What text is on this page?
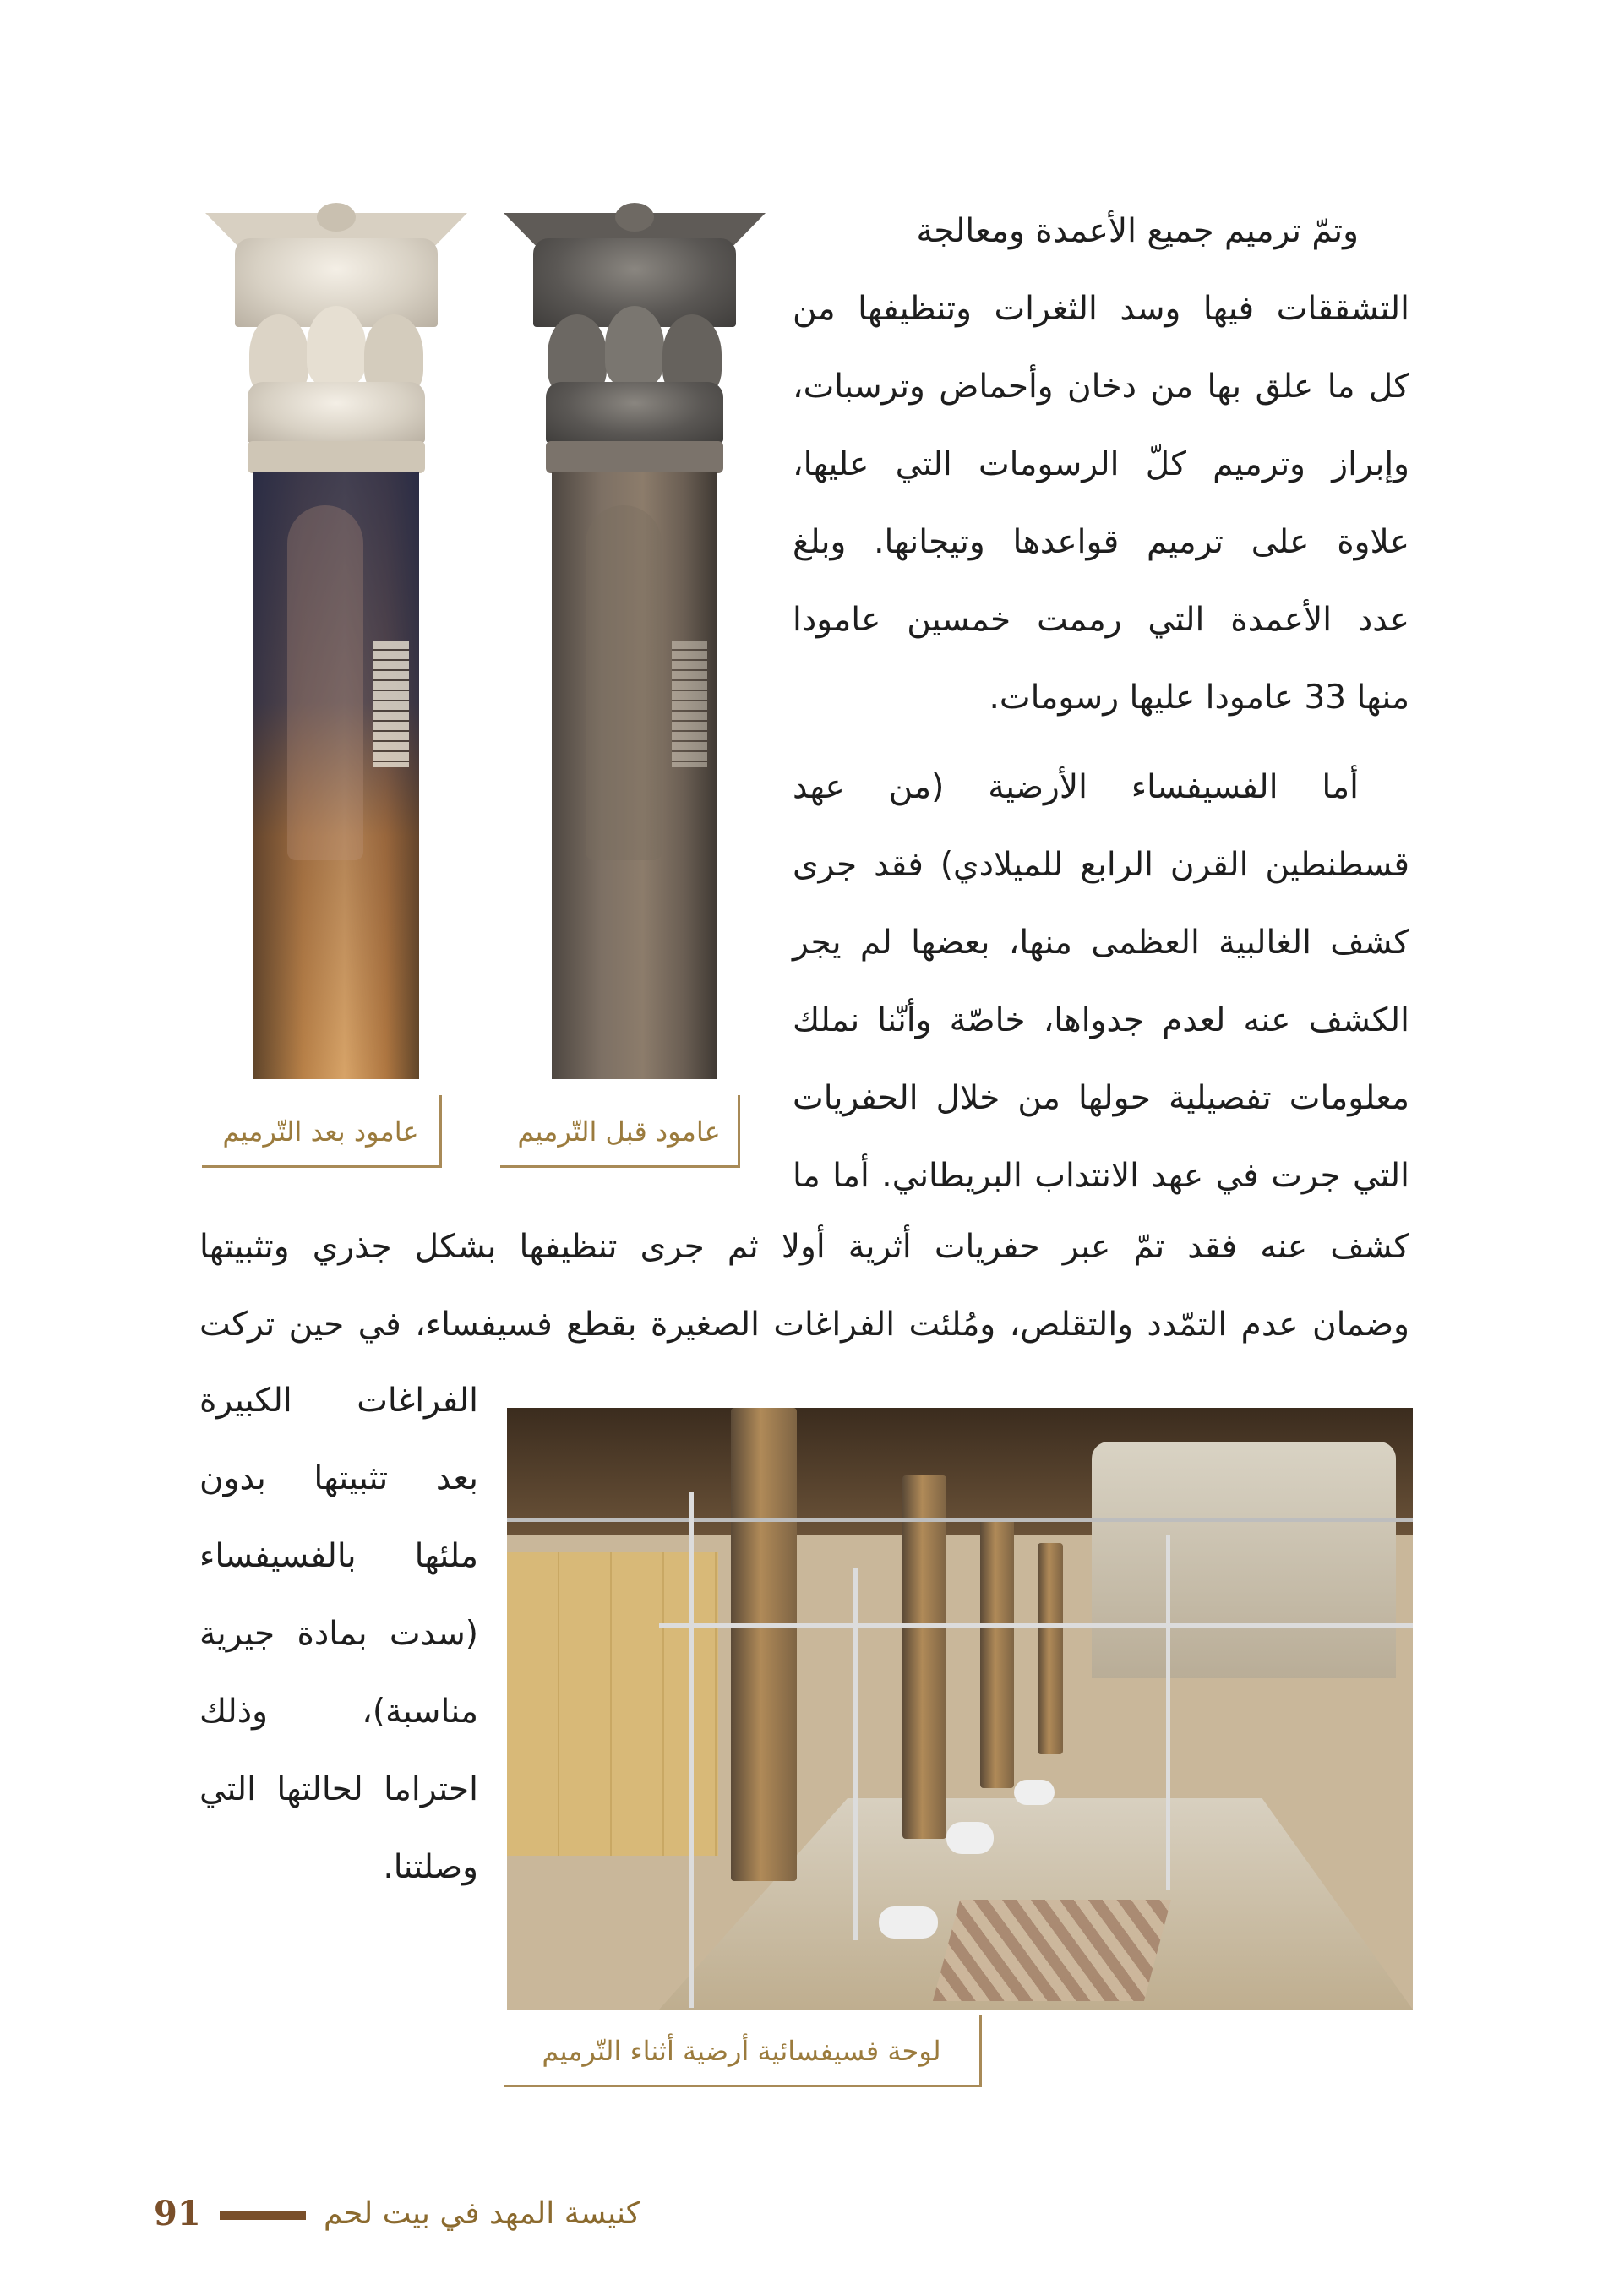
عامود بعد التّرميم	عامود قبل التّرميم
وتمّ ترميم جميع الأعمدة ومعالجة
التشققات فيها وسد الثغرات وتنظيفها من
كل ما علق بها من دخان وأحماض وترسبات،
وإبراز وترميم كلّ الرسومات التي عليها،
علاوة على ترميم قواعدها وتيجانها. وبلغ
عدد الأعمدة التي رممت خمسين عامودا
منها 33 عامودا عليها رسومات.
أما الفسيفساء الأرضية (من عهد
قسطنطين القرن الرابع للميلادي) فقد جرى
كشف الغالبية العظمى منها، بعضها لم يجر
الكشف عنه لعدم جدواها، خاصّة وأنّنا نملك
معلومات تفصيلية حولها من خلال الحفريات
التي جرت في عهد الانتداب البريطاني. أما ما
كشف عنه فقد تمّ عبر حفريات أثرية أولا ثم جرى تنظيفها بشكل جذري وتثبيتها
وضمان عدم التمّدد والتقلص، ومُلئت الفراغات الصغيرة بقطع فسيفساء، في حين تركت
الفراغات الكبيرة
بعد تثبيتها بدون
ملئها بالفسيفساء
(سدت بمادة جيرية
مناسبة)، وذلك
احتراما لحالتها التي
وصلتنا.
لوحة فسيفسائية أرضية أثناء التّرميم
91	كنيسة المهد في بيت لحم
